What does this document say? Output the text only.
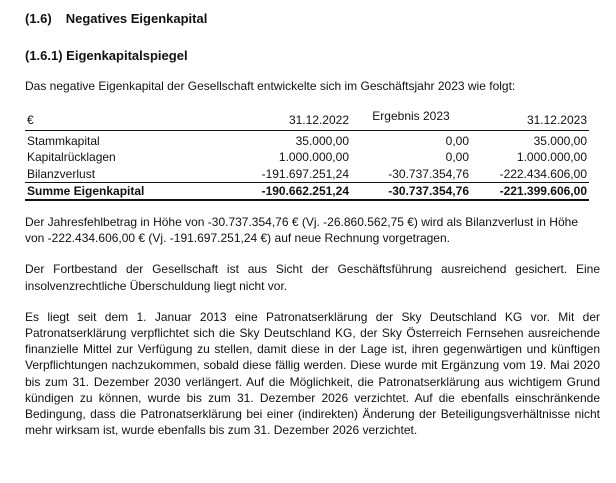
(1.6) Negatives Eigenkapital
(1.6.1) Eigenkapitalspiegel

Das negative Eigenkapital der Gesellschaft entwickelte sich im Geschäftsjahr 2023 wie folgt:

€	31.12.2022	Ergebnis 2023	31.12.2023
Stammkapital	35.000,00	0,00	35.000,00
Kapitalrücklagen	1.000.000,00	0,00	1.000.000,00
Bilanzverlust	-191.697.251,24	-30.737.354,76	-222.434.606,00
Summe Eigenkapital	-190.662.251,24	-30.737.354,76	-221.399.606,00

Der Jahresfehlbetrag in Höhe von -30.737.354,76 € (Vj. -26.860.562,75 €) wird als Bilanzverlust in Höhe von -222.434.606,00 € (Vj. -191.697.251,24 €) auf neue Rechnung vorgetragen.

Der Fortbestand der Gesellschaft ist aus Sicht der Geschäftsführung ausreichend gesichert. Eine insolvenzrechtliche Überschuldung liegt nicht vor.

Es liegt seit dem 1. Januar 2013 eine Patronatserklärung der Sky Deutschland KG vor. Mit der Patronatserklärung verpflichtet sich die Sky Deutschland KG, der Sky Österreich Fernsehen ausreichende finanzielle Mittel zur Verfügung zu stellen, damit diese in der Lage ist, ihren gegenwärtigen und künftigen Verpflichtungen nachzukommen, sobald diese fällig werden. Diese wurde mit Ergänzung vom 19. Mai 2020 bis zum 31. Dezember 2030 verlängert. Auf die Möglichkeit, die Patronatserklärung aus wichtigem Grund kündigen zu können, wurde bis zum 31. Dezember 2026 verzichtet. Auf die ebenfalls einschränkende Bedingung, dass die Patronatserklärung bei einer (indirekten) Änderung der Beteiligungsverhältnisse nicht mehr wirksam ist, wurde ebenfalls bis zum 31. Dezember 2026 verzichtet.
